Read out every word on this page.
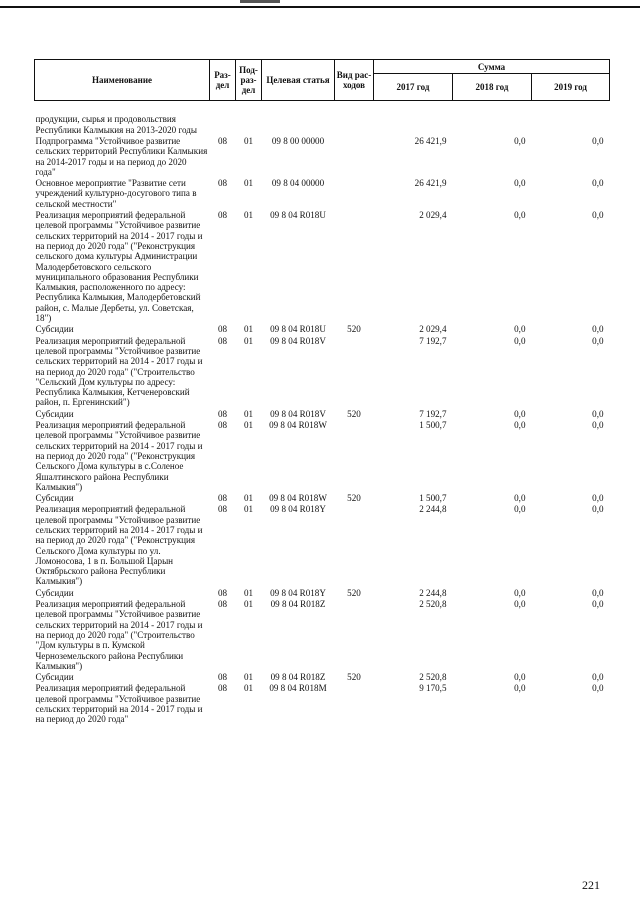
Наименование	Раз-дел	Под-раз-дел	Целевая статья	Вид рас-ходов	Сумма		
					2017 год	2018 год	2019 год

продукции, сырья и продовольствия Республики Калмыкия на 2013-2020 годы							

Подпрограмма "Устойчивое развитие сельских территорий Республики Калмыкия на 2014-2017 годы и на период до 2020 года"	08	01	09 8 00 00000		26 421,9	0,0	0,0
Основное мероприятие "Развитие сети учреждений культурно-досугового типа в сельской местности"	08	01	09 8 04 00000		26 421,9	0,0	0,0
Реализация мероприятий федеральной целевой программы "Устойчивое развитие сельских территорий на 2014 - 2017 годы и на период до 2020 года" ("Реконструкция сельского дома культуры Администрации Малодербетовского сельского муниципального образования Республики Калмыкия, расположенного по адресу: Республика Калмыкия, Малодербетовский район, с. Малые Дербеты, ул. Советская, 18")	08	01	09 8 04 R018U		2 029,4	0,0	0,0
Субсидии	08	01	09 8 04 R018U	520	2 029,4	0,0	0,0
Реализация мероприятий федеральной целевой программы "Устойчивое развитие сельских территорий на 2014 - 2017 годы и на период до 2020 года" ("Строительство "Сельский Дом культуры по адресу: Республика Калмыкия, Кетченеровский район, п. Ергенинский")	08	01	09 8 04 R018V		7 192,7	0,0	0,0
Субсидии	08	01	09 8 04 R018V	520	7 192,7	0,0	0,0
Реализация мероприятий федеральной целевой программы "Устойчивое развитие сельских территорий на 2014 - 2017 годы и на период до 2020 года" ("Реконструкция Сельского Дома культуры в с.Соленое Яшалтинского района Республики Калмыкия")	08	01	09 8 04 R018W		1 500,7	0,0	0,0
Субсидии	08	01	09 8 04 R018W	520	1 500,7	0,0	0,0
Реализация мероприятий федеральной целевой программы "Устойчивое развитие сельских территорий на 2014 - 2017 годы и на период до 2020 года" ("Реконструкция Сельского Дома культуры по ул. Ломоносова, 1 в п. Большой Царын Октябрьского района Республики Калмыкия")	08	01	09 8 04 R018Y		2 244,8	0,0	0,0
Субсидии	08	01	09 8 04 R018Y	520	2 244,8	0,0	0,0
Реализация мероприятий федеральной целевой программы "Устойчивое развитие сельских территорий на 2014 - 2017 годы и на период до 2020 года" ("Строительство "Дом культуры в п. Кумской Черноземельского района Республики Калмыкия")	08	01	09 8 04 R018Z		2 520,8	0,0	0,0
Субсидии	08	01	09 8 04 R018Z	520	2 520,8	0,0	0,0
Реализация мероприятий федеральной целевой программы "Устойчивое развитие сельских территорий на 2014 - 2017 годы и на период до 2020 года"	08	01	09 8 04 R018M		9 170,5	0,0	0,0
221
